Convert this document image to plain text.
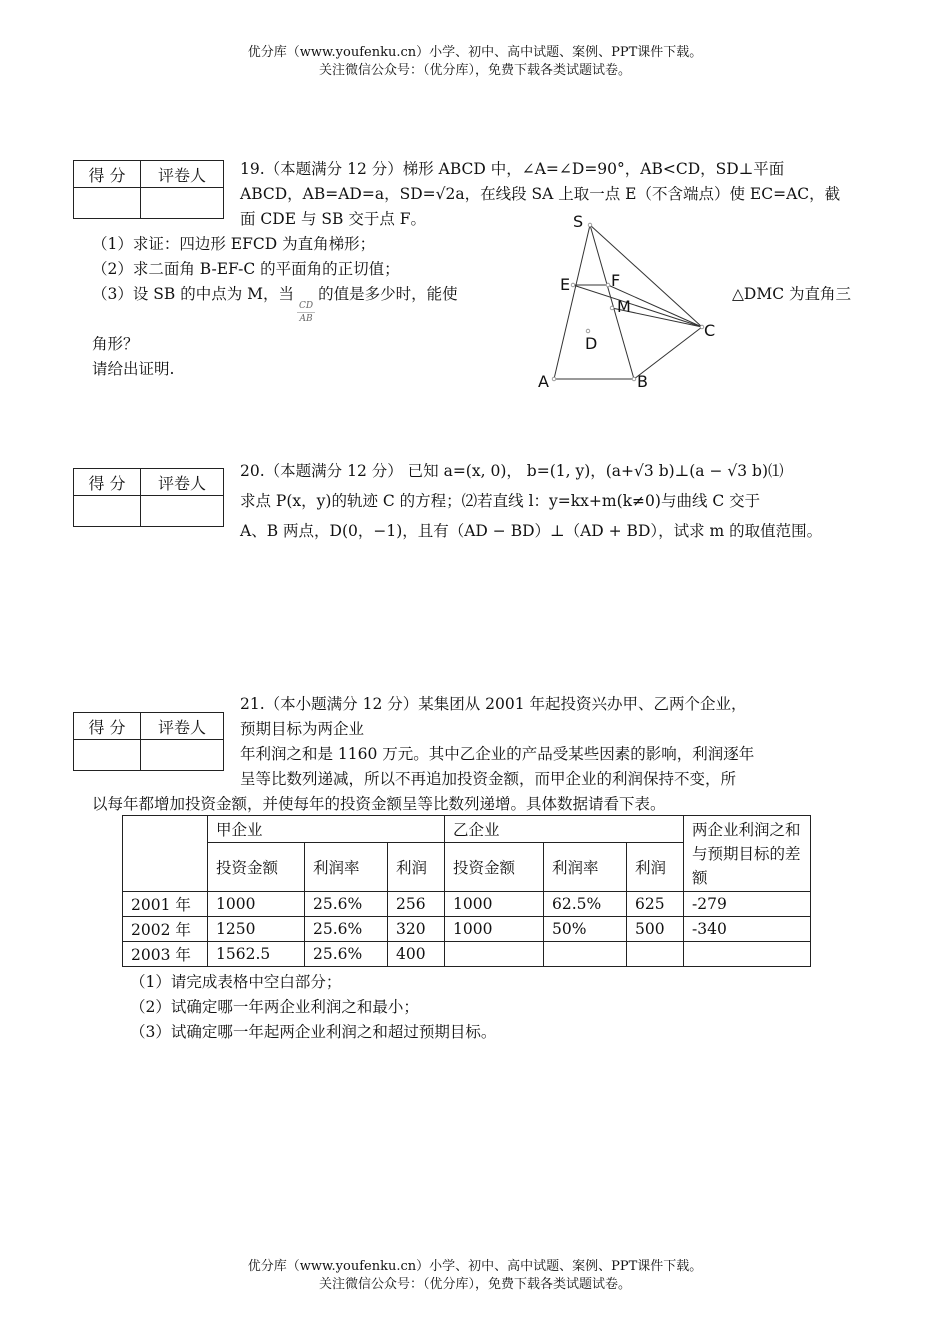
优分库（www.youfenku.cn）小学、初中、高中试题、案例、PPT课件下载。
关注微信公众号：（优分库），免费下载各类试题试卷。
得 分	评卷人
	19.（本题满分 12 分）梯形 ABCD 中，∠A=∠D=90°，AB<CD，SD⊥平面
ABCD，AB=AD=a，SD=√2a，在线段 SA 上取一点 E（不含端点）使 EC=AC，截
面 CDE 与 SB 交于点 F。
（1）求证：四边形 EFCD 为直角梯形；
（2）求二面角 B-EF-C 的平面角的正切值；
（3）设 SB 的中点为 M，当
$\frac{CD}{AB}$
的值是多少时，能使	△DMC 为直角三
角形？
请给出证明.
S
E	F
M
C
D
A	B
得 分	评卷人

20.（本题满分 12 分） 已知 a=(x, 0)， b=(1, y)，(a+√3 b)⊥(a − √3 b)⑴
求点 P(x，y)的轨迹 C 的方程；⑵若直线 l：y=kx+m(k≠0)与曲线 C 交于
A、B 两点，D(0，−1)，且有（AD − BD）⊥（AD + BD），试求 m 的取值范围。
得 分	评卷人

21.（本小题满分 12 分）某集团从 2001 年起投资兴办甲、乙两个企业，
预期目标为两企业
年利润之和是 1160 万元。其中乙企业的产品受某些因素的影响，利润逐年
呈等比数列递减，所以不再追加投资金额，而甲企业的利润保持不变，所
以每年都增加投资金额，并使每年的投资金额呈等比数列递增。具体数据请看下表。
	甲企业			乙企业			两企业利润之和与预期目标的差额
	投资金额	利润率	利润	投资金额	利润率	利润	
2001 年	1000	25.6%	256	1000	62.5%	625	-279
2002 年	1250	25.6%	320	1000	50%	500	-340
2003 年	1562.5	25.6%	400				
（1）请完成表格中空白部分；
（2）试确定哪一年两企业利润之和最小；
（3）试确定哪一年起两企业利润之和超过预期目标。
优分库（www.youfenku.cn）小学、初中、高中试题、案例、PPT课件下载。
关注微信公众号：（优分库），免费下载各类试题试卷。
